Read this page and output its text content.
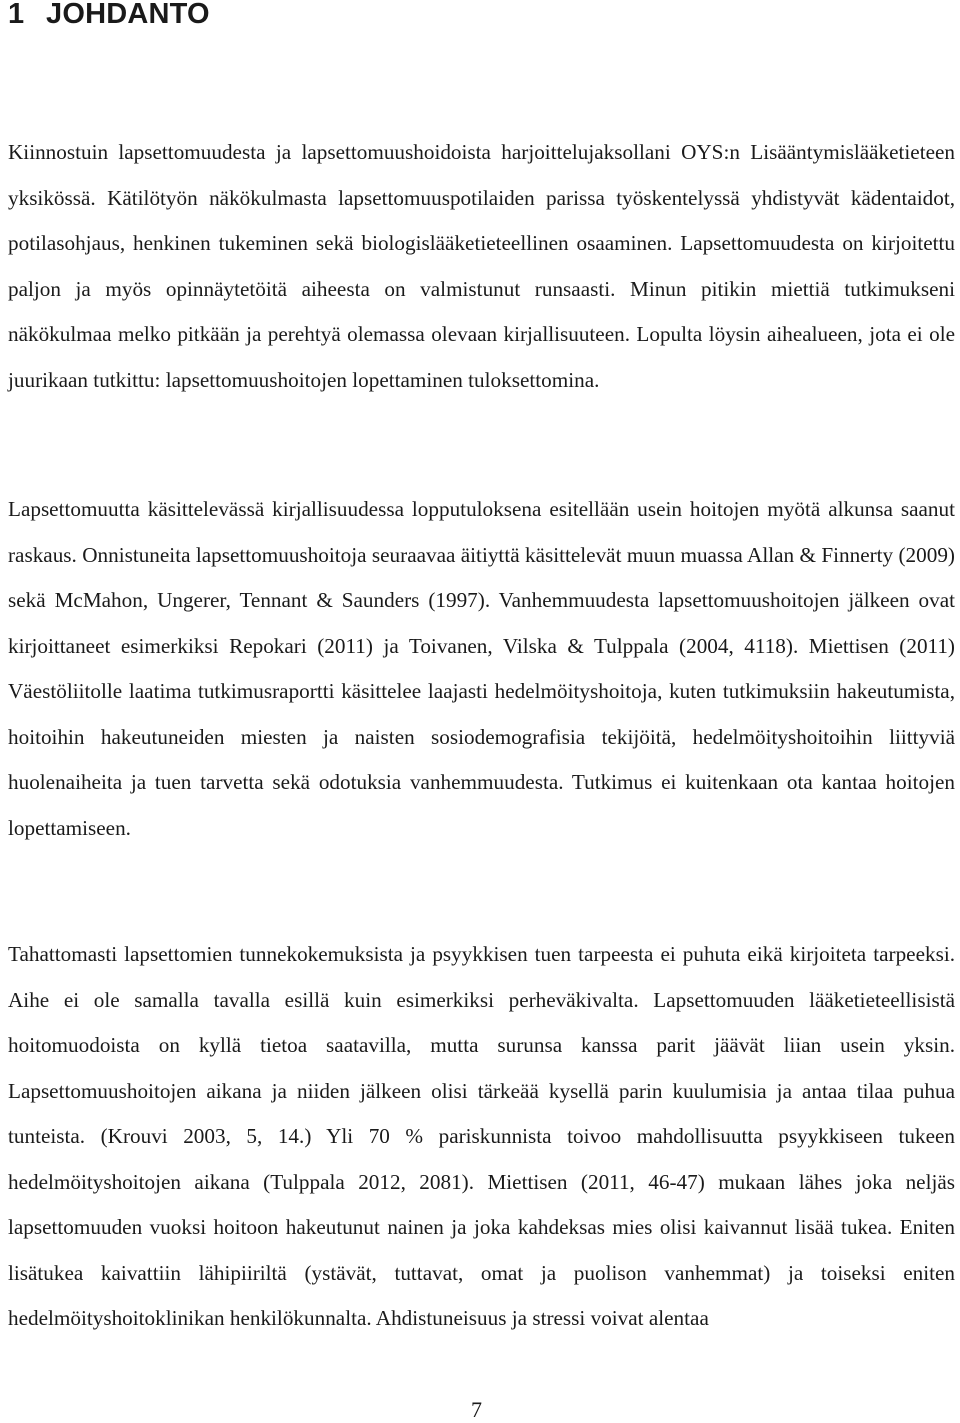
1 JOHDANTO

Kiinnostuin lapsettomuudesta ja lapsettomuushoidoista harjoittelujaksollani OYS:n Lisääntymislääketieteen yksikössä. Kätilötyön näkökulmasta lapsettomuuspotilaiden parissa työskentelyssä yhdistyvät kädentaidot, potilasohjaus, henkinen tukeminen sekä biologislääketieteellinen osaaminen. Lapsettomuudesta on kirjoitettu paljon ja myös opinnäytetöitä aiheesta on valmistunut runsaasti. Minun pitikin miettiä tutkimukseni näkökulmaa melko pitkään ja perehtyä olemassa olevaan kirjallisuuteen. Lopulta löysin aihealueen, jota ei ole juurikaan tutkittu: lapsettomuushoitojen lopettaminen tuloksettomina.

Lapsettomuutta käsittelevässä kirjallisuudessa lopputuloksena esitellään usein hoitojen myötä alkunsa saanut raskaus. Onnistuneita lapsettomuushoitoja seuraavaa äitiyttä käsittelevät muun muassa Allan & Finnerty (2009) sekä McMahon, Ungerer, Tennant & Saunders (1997). Vanhemmuudesta lapsettomuushoitojen jälkeen ovat kirjoittaneet esimerkiksi Repokari (2011) ja Toivanen, Vilska & Tulppala (2004, 4118). Miettisen (2011) Väestöliitolle laatima tutkimusraportti käsittelee laajasti hedelmöityshoitoja, kuten tutkimuksiin hakeutumista, hoitoihin hakeutuneiden miesten ja naisten sosiodemografisia tekijöitä, hedelmöityshoitoihin liittyviä huolenaiheita ja tuen tarvetta sekä odotuksia vanhemmuudesta. Tutkimus ei kuitenkaan ota kantaa hoitojen lopettamiseen.

Tahattomasti lapsettomien tunnekokemuksista ja psyykkisen tuen tarpeesta ei puhuta eikä kirjoiteta tarpeeksi. Aihe ei ole samalla tavalla esillä kuin esimerkiksi perheväkivalta. Lapsettomuuden lääketieteellisistä hoitomuodoista on kyllä tietoa saatavilla, mutta surunsa kanssa parit jäävät liian usein yksin. Lapsettomuushoitojen aikana ja niiden jälkeen olisi tärkeää kysellä parin kuulumisia ja antaa tilaa puhua tunteista. (Krouvi 2003, 5, 14.) Yli 70 % pariskunnista toivoo mahdollisuutta psyykkiseen tukeen hedelmöityshoitojen aikana (Tulppala 2012, 2081). Miettisen (2011, 46-47) mukaan lähes joka neljäs lapsettomuuden vuoksi hoitoon hakeutunut nainen ja joka kahdeksas mies olisi kaivannut lisää tukea. Eniten lisätukea kaivattiin lähipiiriltä (ystävät, tuttavat, omat ja puolison vanhemmat) ja toiseksi eniten hedelmöityshoitoklinikan henkilökunnalta. Ahdistuneisuus ja stressi voivat alentaa

7
